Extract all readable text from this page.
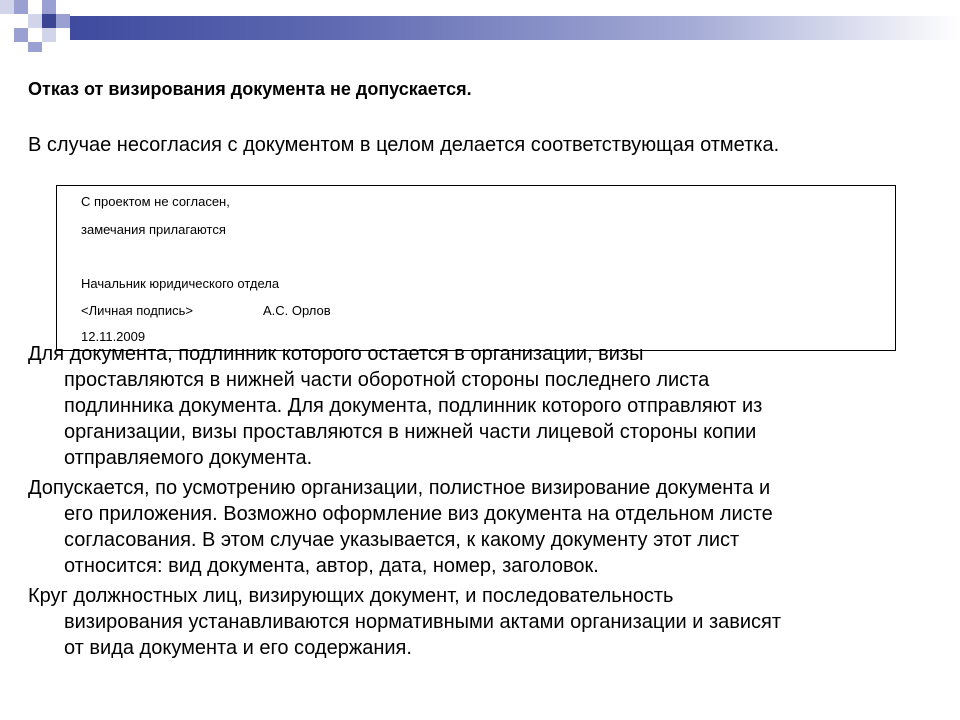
Отказ от визирования документа не допускается.

В случае несогласия с документом в целом делается соответствующая отметка.

С проектом не согласен,

замечания прилагаются

Начальник юридического отдела

<Личная подпись>	А.С. Орлов

12.11.2009

Для документа, подлинник которого остается в организации, визы
проставляются в нижней части оборотной стороны последнего листа
подлинника документа. Для документа, подлинник которого отправляют из
организации, визы проставляются в нижней части лицевой стороны копии
отправляемого документа.
Допускается, по усмотрению организации, полистное визирование документа и
его приложения. Возможно оформление виз документа на отдельном листе
согласования. В этом случае указывается, к какому документу этот лист
относится: вид документа, автор, дата, номер, заголовок.
Круг должностных лиц, визирующих документ, и последовательность
визирования устанавливаются нормативными актами организации и зависят
от вида документа и его содержания.
